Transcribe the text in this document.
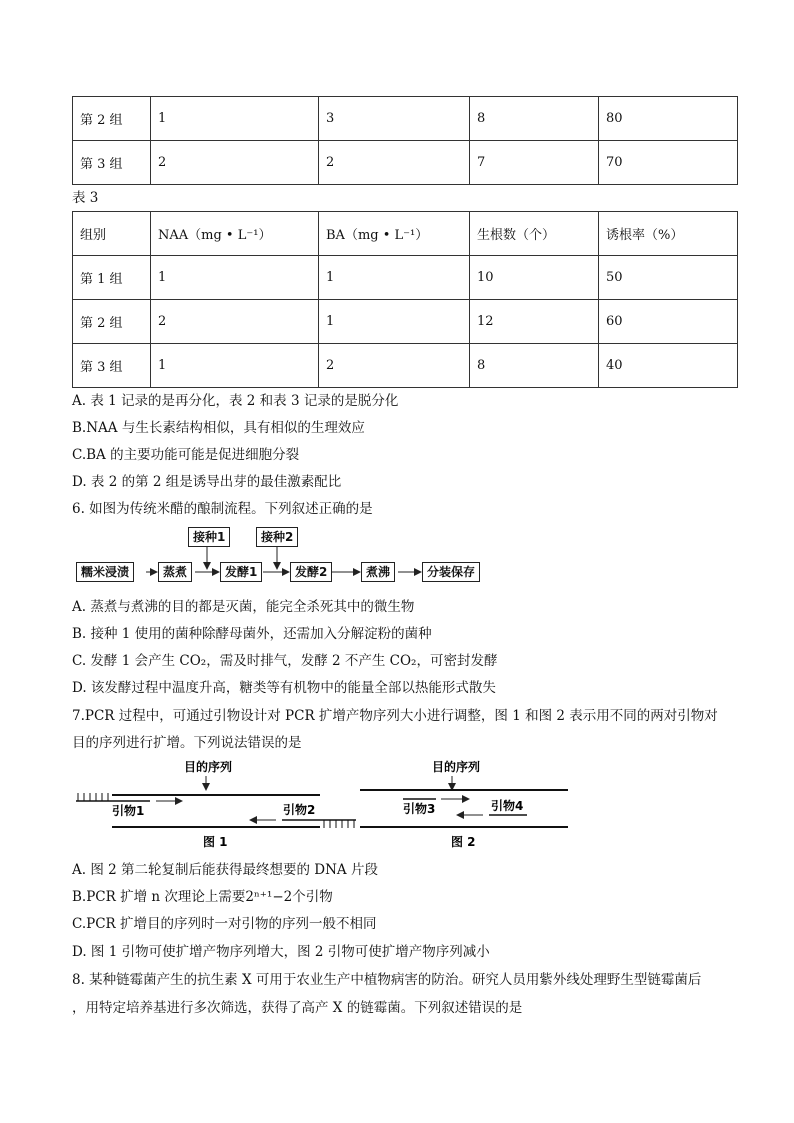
第 2 组	1	3	8	80
第 3 组	2	2	7	70
表 3
组别	NAA（mg • L⁻¹）	BA（mg • L⁻¹）	生根数（个）	诱根率（%）
第 1 组	1	1	10	50
第 2 组	2	1	12	60
第 3 组	1	2	8	40
A. 表 1 记录的是再分化，表 2 和表 3 记录的是脱分化
B.NAA 与生长素结构相似，具有相似的生理效应
C.BA 的主要功能可能是促进细胞分裂
D. 表 2 的第 2 组是诱导出芽的最佳激素配比
6. 如图为传统米醋的酿制流程。下列叙述正确的是
糯米浸渍	蒸煮	发酵1	发酵2	煮沸	分装保存
接种1	接种2
A. 蒸煮与煮沸的目的都是灭菌，能完全杀死其中的微生物
B. 接种 1 使用的菌种除酵母菌外，还需加入分解淀粉的菌种
C. 发酵 1 会产生 CO₂，需及时排气，发酵 2 不产生 CO₂，可密封发酵
D. 该发酵过程中温度升高，糖类等有机物中的能量全部以热能形式散失
7.PCR 过程中，可通过引物设计对 PCR 扩增产物序列大小进行调整，图 1 和图 2 表示用不同的两对引物对
目的序列进行扩增。下列说法错误的是
目的序列
引物1	引物2
图 1
目的序列
引物3	引物4
图 2
A. 图 2 第二轮复制后能获得最终想要的 DNA 片段
B.PCR 扩增 n 次理论上需要2ⁿ⁺¹−2个引物
C.PCR 扩增目的序列时一对引物的序列一般不相同
D. 图 1 引物可使扩增产物序列增大，图 2 引物可使扩增产物序列减小
8. 某种链霉菌产生的抗生素 X 可用于农业生产中植物病害的防治。研究人员用紫外线处理野生型链霉菌后
，用特定培养基进行多次筛选，获得了高产 X 的链霉菌。下列叙述错误的是
